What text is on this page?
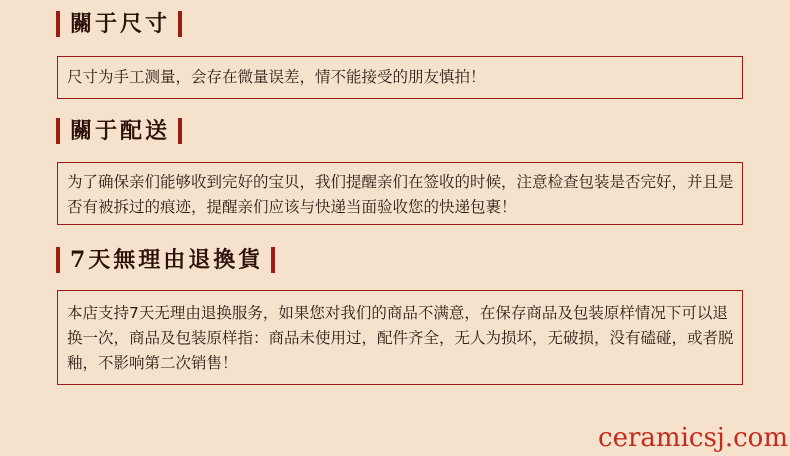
關于尺寸

尺寸为手工测量，会存在微量误差，情不能接受的朋友慎拍！

關于配送

为了确保亲们能够收到完好的宝贝，我们提醒亲们在签收的时候，注意检查包装是否完好，并且是否有被拆过的痕迹，提醒亲们应该与快递当面验收您的快递包裹！

7天無理由退換貨

本店支持7天无理由退换服务，如果您对我们的商品不满意，在保存商品及包装原样情况下可以退换一次，商品及包装原样指：商品未使用过，配件齐全，无人为损坏，无破损，没有磕碰，或者脱釉，不影响第二次销售！

ceramicsj.com
